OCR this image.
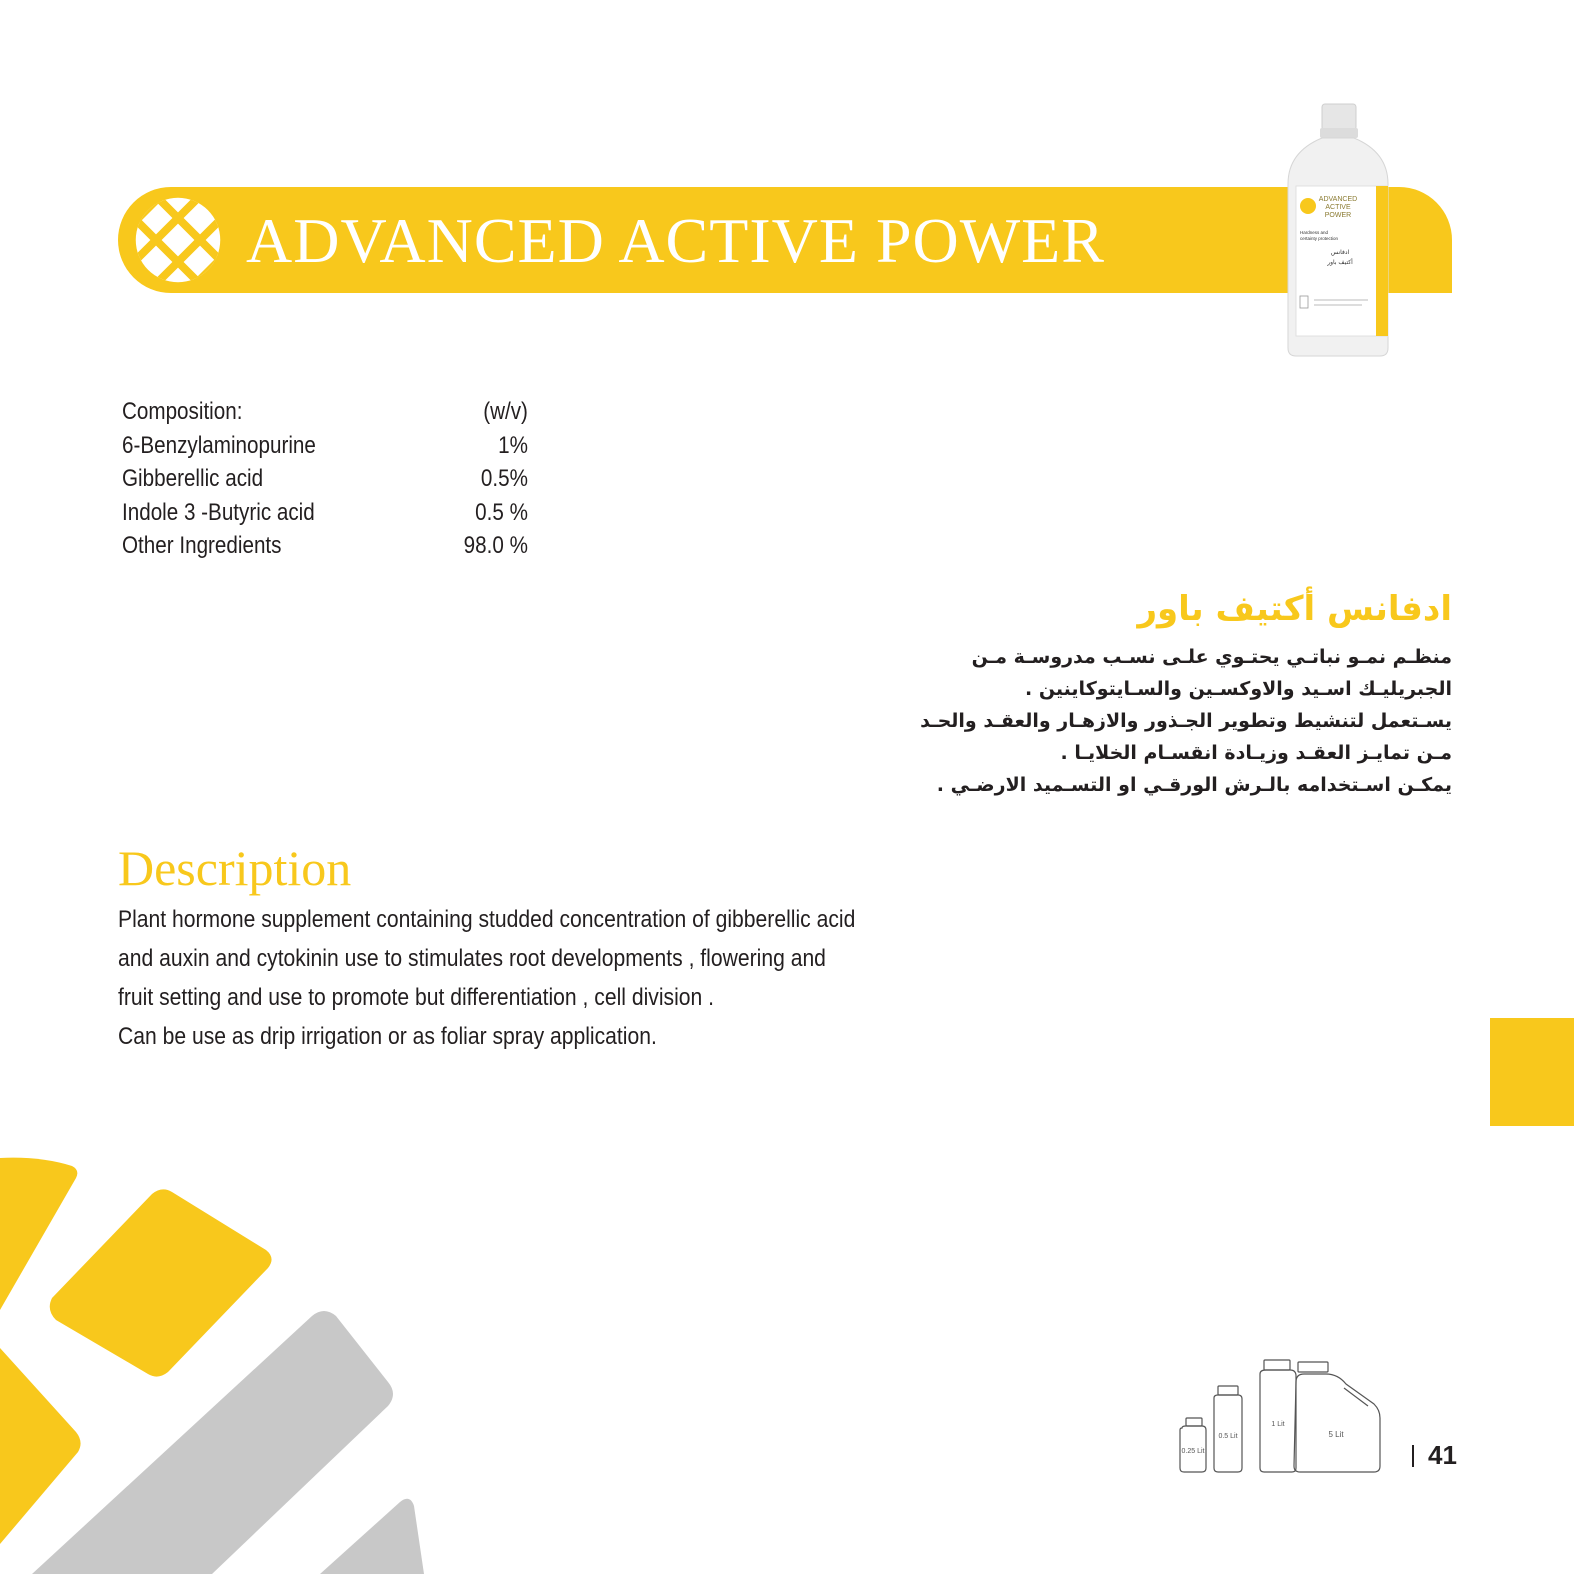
ADVANCED ACTIVE POWER
ADVANCED
ACTIVE
POWER
Hardness and
certainty protection
ادفانس
أكتيف باور
Composition:	(w/v)
6-Benzylaminopurine	1%
Gibberellic acid	0.5%
Indole 3 -Butyric acid	0.5 %
Other Ingredients	98.0 %
ادفانس أكتيف باور
منظـم نمـو نباتـي يحتـوي علـى نسـب مدروسـة مـن
الجبريليـك اسـيد والاوكسـين والسـايتوكاينين .
يسـتعمل لتنشيط وتطوير الجـذور والازهـار والعقـد والحـد
مـن تمايـز العقـد وزيـادة انقسـام الخلايـا .
يمكـن اسـتخدامه بالـرش الورقـي او التسـميد الارضـي .
Description
Plant hormone supplement containing studded concentration of gibberellic acid
and auxin and cytokinin use to stimulates root developments , flowering and
fruit setting and use to promote but differentiation , cell division .
Can be use as drip irrigation or as foliar spray application.
0.25 Lit
0.5 Lit
1 Lit
5 Lit
41
